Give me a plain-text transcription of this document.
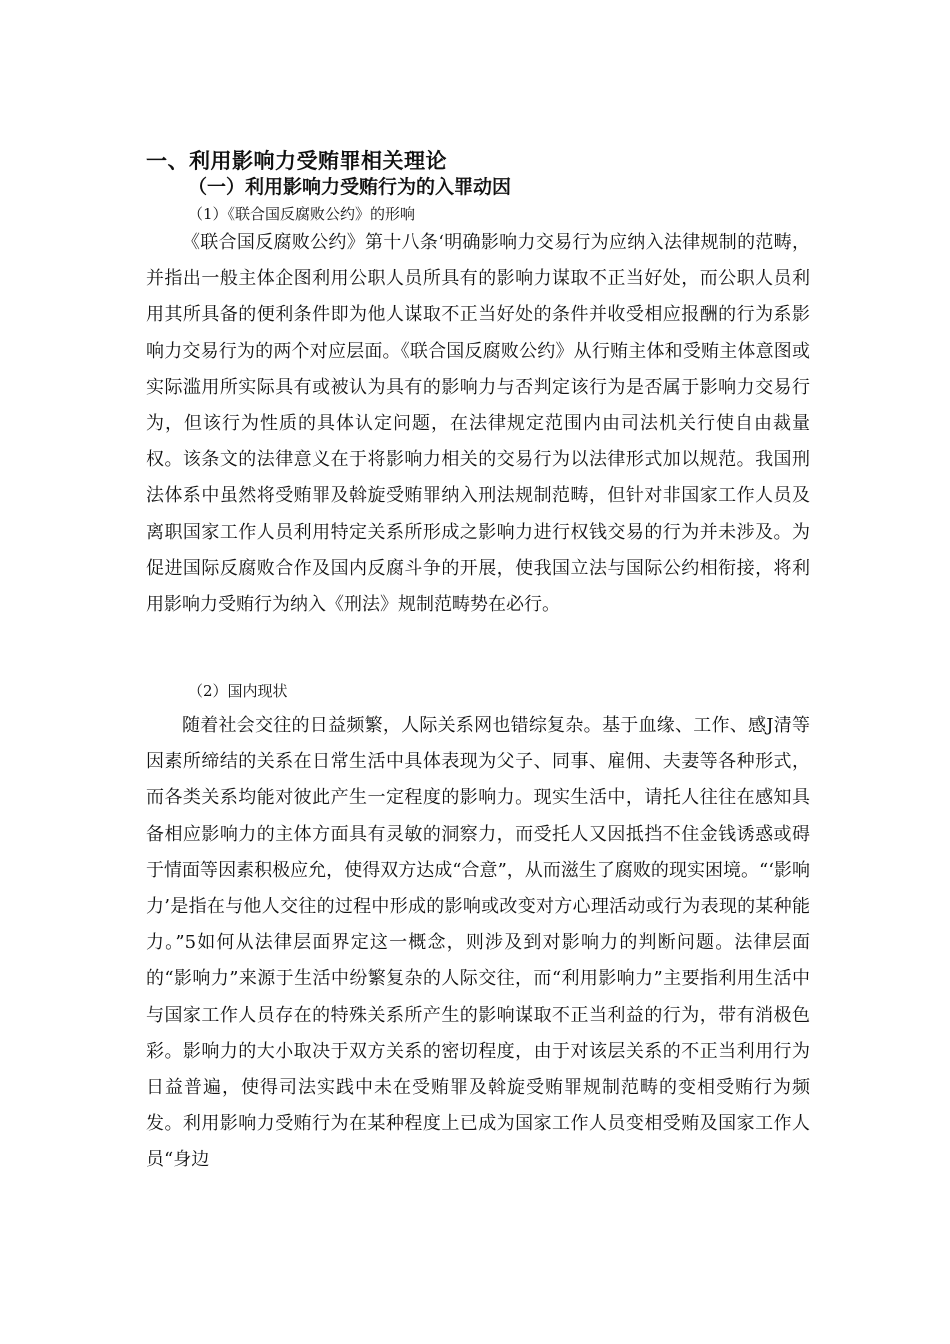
一、利用影响力受贿罪相关理论
（一）利用影响力受贿行为的入罪动因
（1）《联合国反腐败公约》的形响
《联合国反腐败公约》第十八条‘明确影响力交易行为应纳入法律规制的范畴，并指出一般主体企图利用公职人员所具有的影响力谋取不正当好处，而公职人员利用其所具备的便利条件即为他人谋取不正当好处的条件并收受相应报酬的行为系影响力交易行为的两个对应层面。《联合国反腐败公约》从行贿主体和受贿主体意图或实际滥用所实际具有或被认为具有的影响力与否判定该行为是否属于影响力交易行为，但该行为性质的具体认定问题，在法律规定范围内由司法机关行使自由裁量权。该条文的法律意义在于将影响力相关的交易行为以法律形式加以规范。我国刑法体系中虽然将受贿罪及斡旋受贿罪纳入刑法规制范畴，但针对非国家工作人员及离职国家工作人员利用特定关系所形成之影响力进行权钱交易的行为并未涉及。为促进国际反腐败合作及国内反腐斗争的开展，使我国立法与国际公约相衔接，将利用影响力受贿行为纳入《刑法》规制范畴势在必行。
（2）国内现状
随着社会交往的日益频繁，人际关系网也错综复杂。基于血缘、工作、感J清等因素所缔结的关系在日常生活中具体表现为父子、同事、雇佣、夫妻等各种形式，而各类关系均能对彼此产生一定程度的影响力。现实生活中，请托人往往在感知具备相应影响力的主体方面具有灵敏的洞察力，而受托人又因抵挡不住金钱诱惑或碍于情面等因素积极应允，使得双方达成“合意”，从而滋生了腐败的现实困境。“‘影响力’是指在与他人交往的过程中形成的影响或改变对方心理活动或行为表现的某种能力。”5如何从法律层面界定这一概念，则涉及到对影响力的判断问题。法律层面的“影响力”来源于生活中纷繁复杂的人际交往，而“利用影响力”主要指利用生活中与国家工作人员存在的特殊关系所产生的影响谋取不正当利益的行为，带有消极色彩。影响力的大小取决于双方关系的密切程度，由于对该层关系的不正当利用行为日益普遍，使得司法实践中未在受贿罪及斡旋受贿罪规制范畴的变相受贿行为频发。利用影响力受贿行为在某种程度上已成为国家工作人员变相受贿及国家工作人员“身边
